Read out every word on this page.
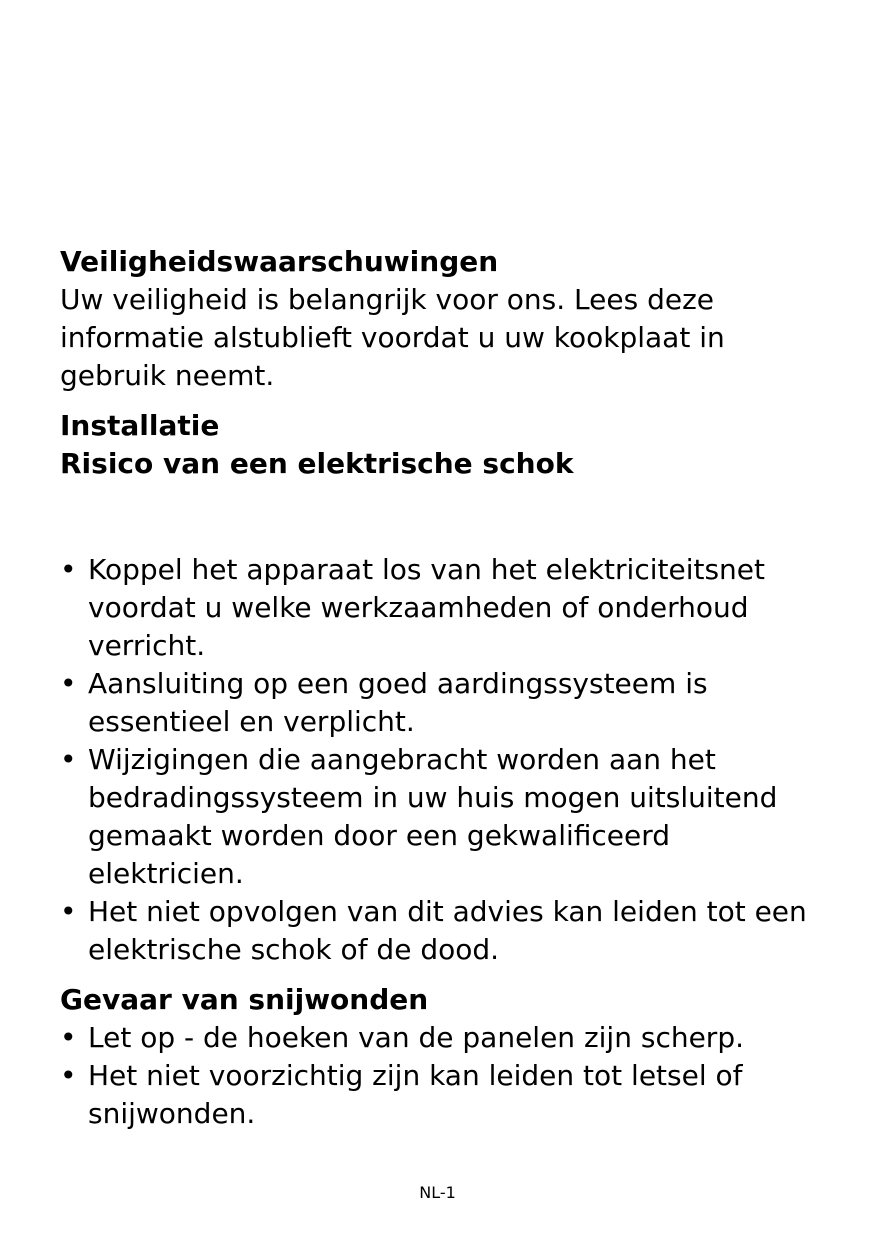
Veiligheidswaarschuwingen

Uw veiligheid is belangrijk voor ons. Lees deze informatie alstublieft voordat u uw kookplaat in gebruik neemt.

Installatie
Risico van een elektrische schok
• Koppel het apparaat los van het elektriciteitsnet voordat u welke werkzaamheden of onderhoud verricht.
• Aansluiting op een goed aardingssysteem is essentieel en verplicht.
• Wijzigingen die aangebracht worden aan het bedradingssysteem in uw huis mogen uitsluitend gemaakt worden door een gekwalificeerd elektricien.
• Het niet opvolgen van dit advies kan leiden tot een elektrische schok of de dood.
Gevaar van snijwonden
• Let op - de hoeken van de panelen zijn scherp.
• Het niet voorzichtig zijn kan leiden tot letsel of snijwonden.
NL-1
